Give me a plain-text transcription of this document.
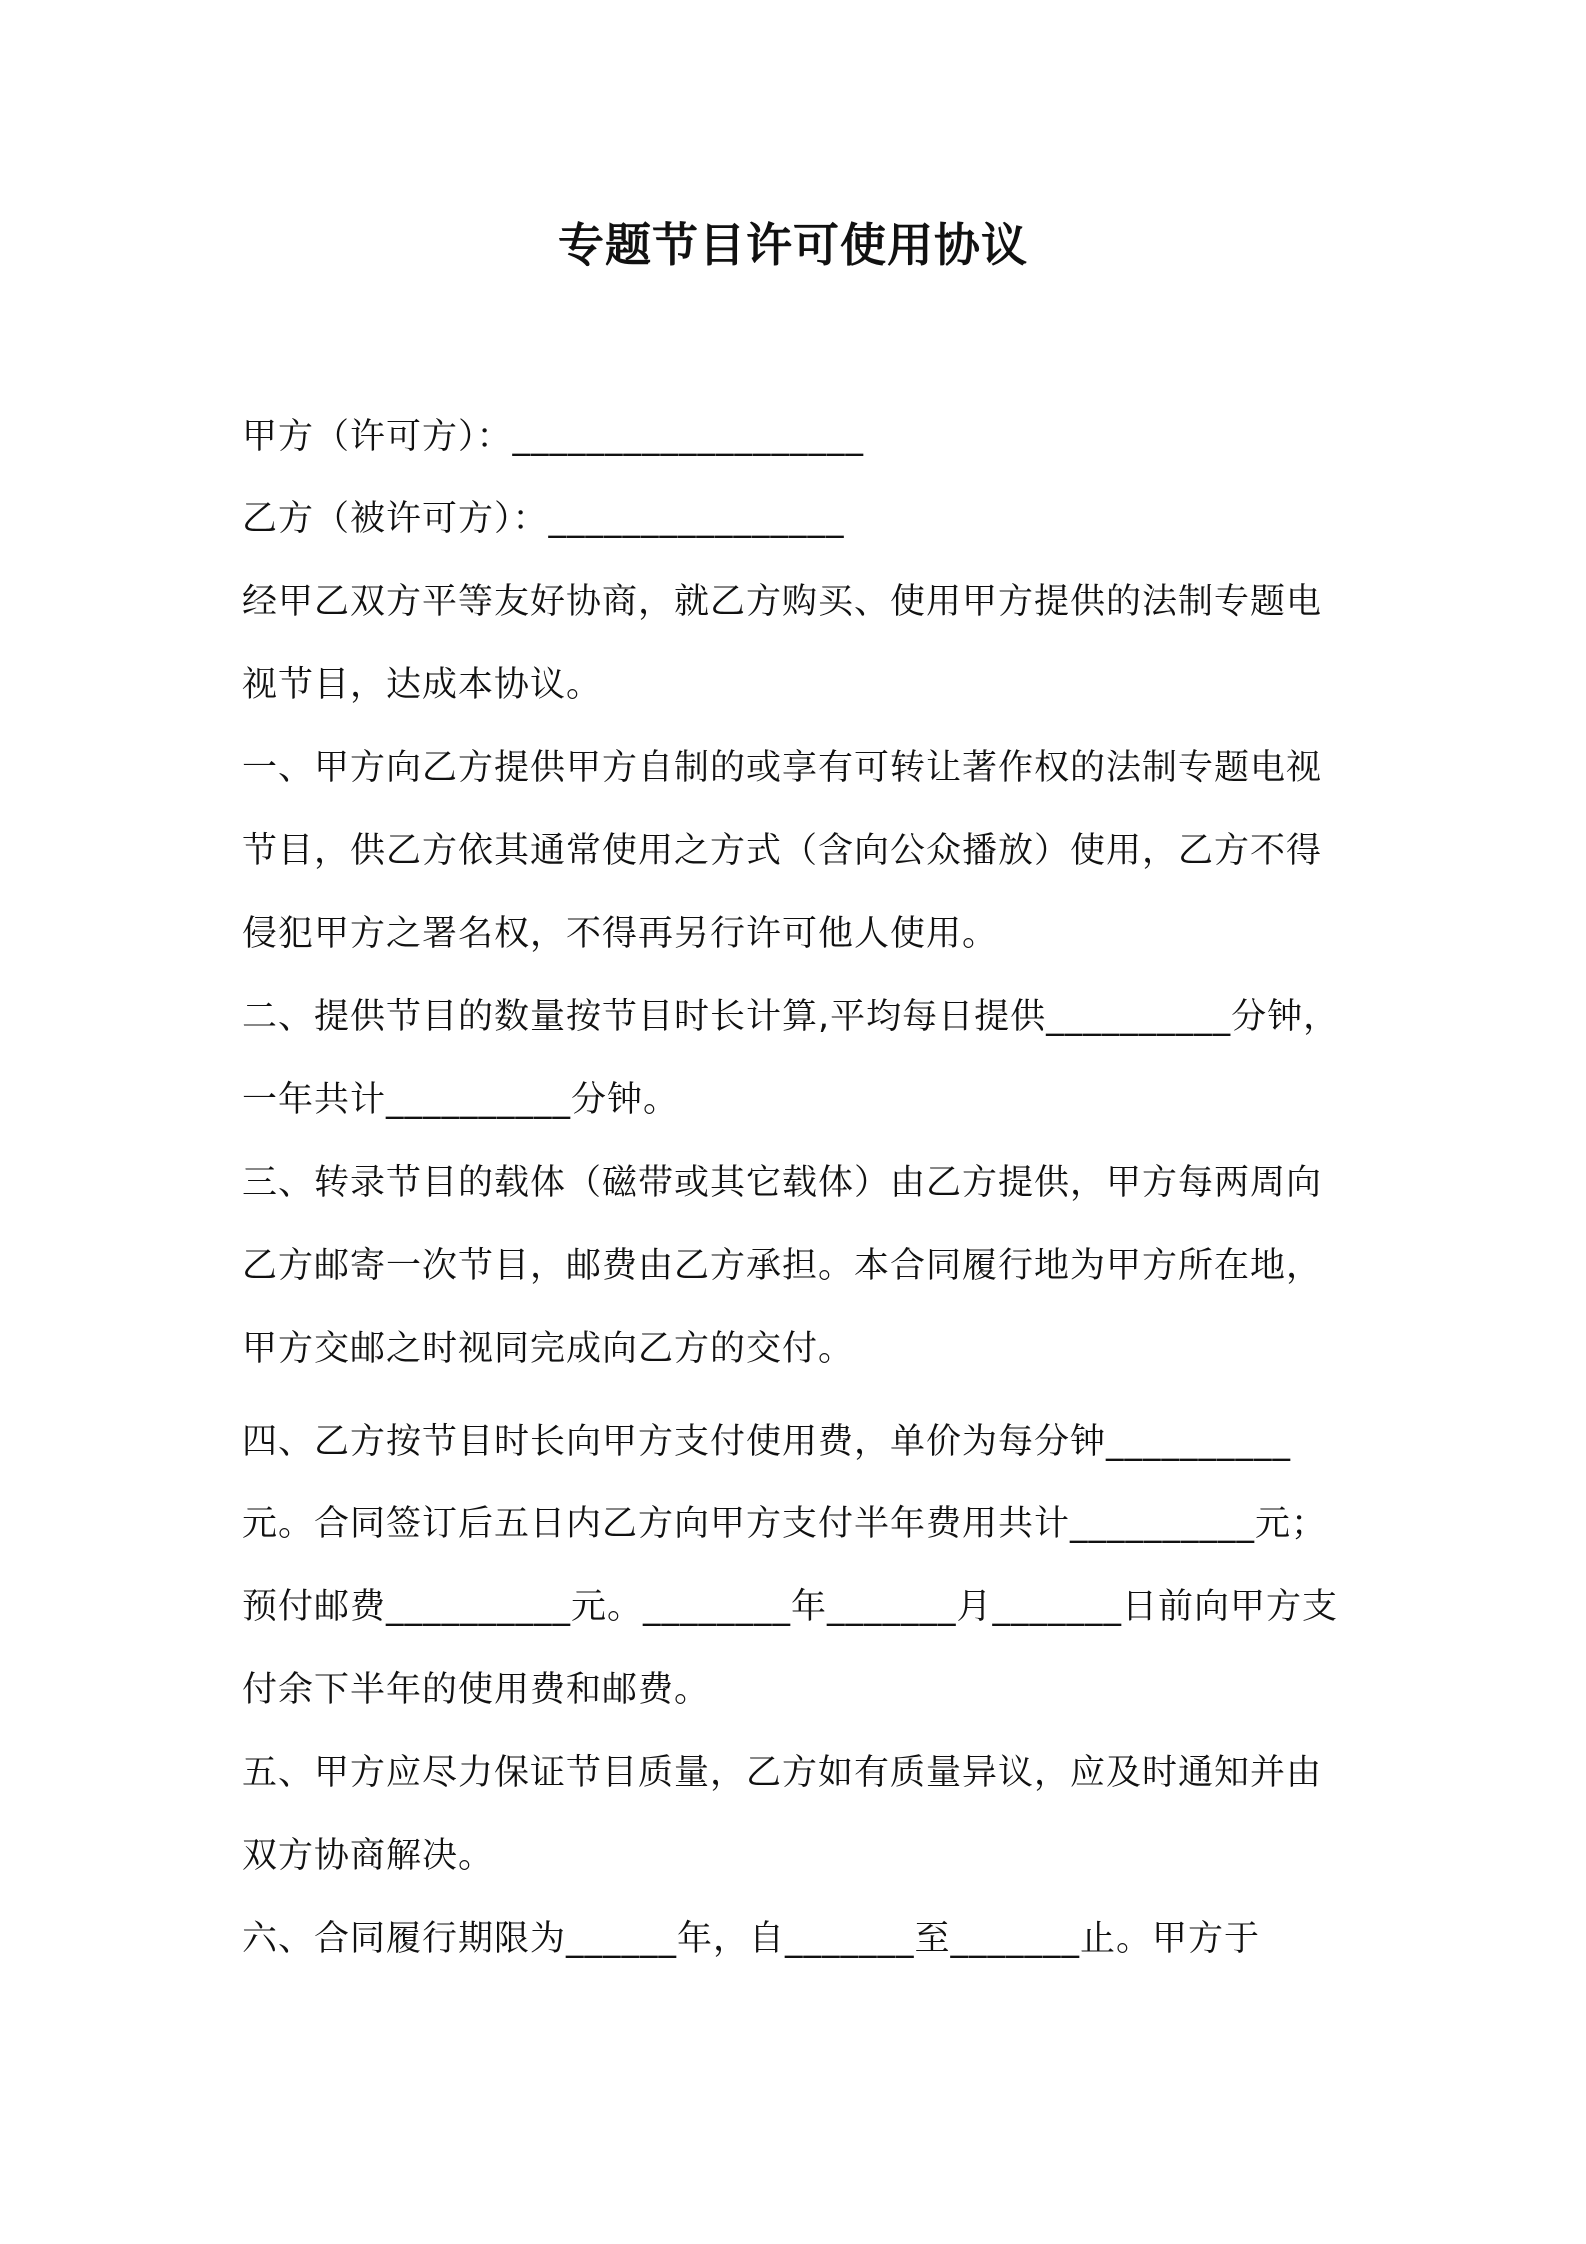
专题节目许可使用协议
甲方（许可方）：___________________
乙方（被许可方）：________________
经甲乙双方平等友好协商，就乙方购买、使用甲方提供的法制专题电
视节目，达成本协议。
一、甲方向乙方提供甲方自制的或享有可转让著作权的法制专题电视
节目，供乙方依其通常使用之方式（含向公众播放）使用，乙方不得
侵犯甲方之署名权，不得再另行许可他人使用。
二、提供节目的数量按节目时长计算,平均每日提供__________分钟，
一年共计__________分钟。
三、转录节目的载体（磁带或其它载体）由乙方提供，甲方每两周向
乙方邮寄一次节目，邮费由乙方承担。本合同履行地为甲方所在地，
甲方交邮之时视同完成向乙方的交付。
四、乙方按节目时长向甲方支付使用费，单价为每分钟__________
元。合同签订后五日内乙方向甲方支付半年费用共计__________元；
预付邮费__________元。________年_______月_______日前向甲方支
付余下半年的使用费和邮费。
五、甲方应尽力保证节目质量，乙方如有质量异议，应及时通知并由
双方协商解决。
六、合同履行期限为______年，自_______至_______止。甲方于
